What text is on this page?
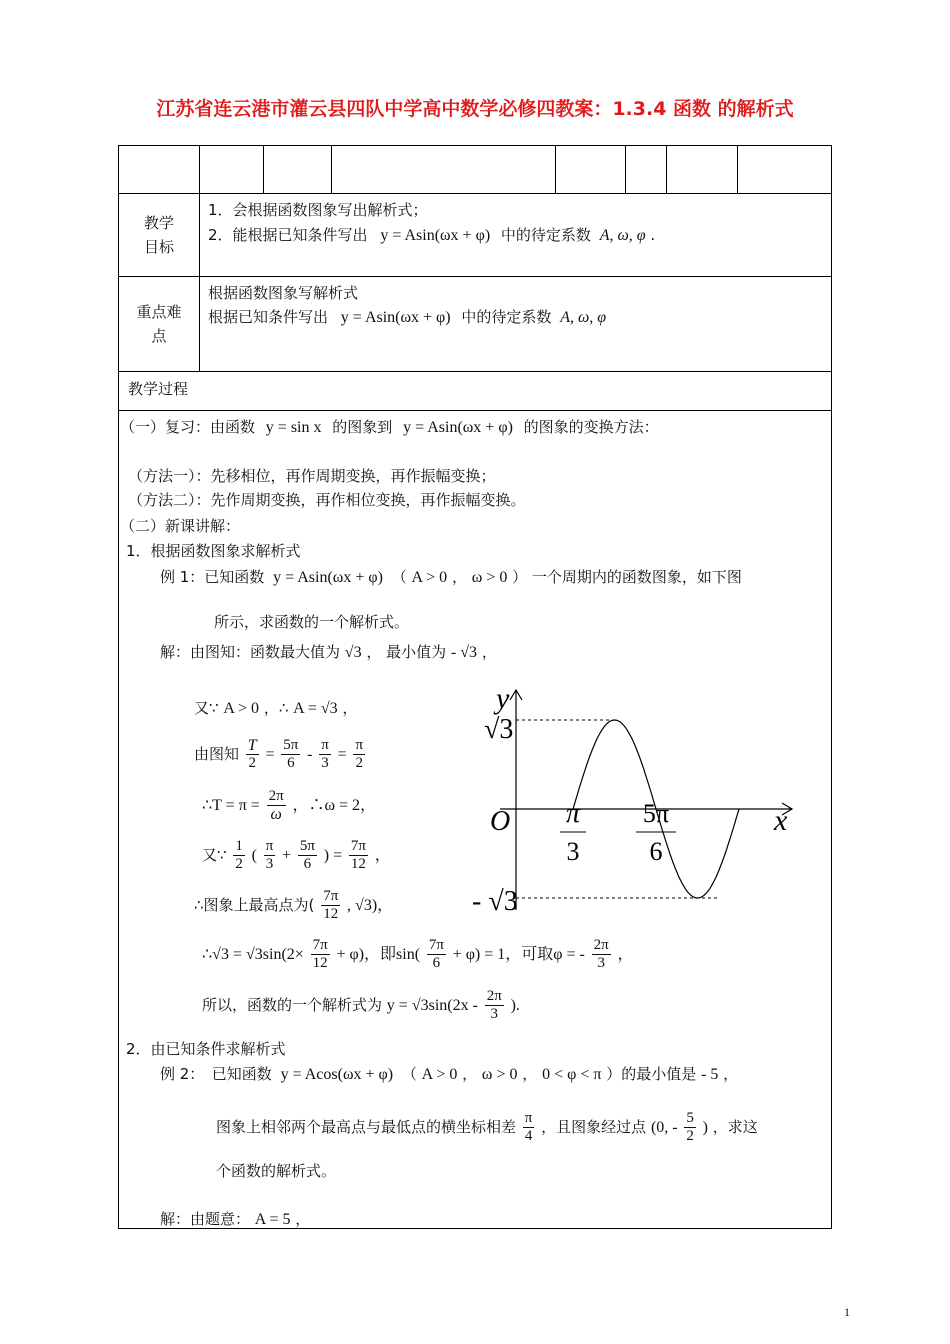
江苏省连云港市灌云县四队中学高中数学必修四教案：1.3.4 函数 的解析式
教学
目标
1．会根据函数图象写出解析式；
2．能根据已知条件写出 y = Asin(ωx + φ) 中的待定系数 A, ω, φ .
重点难
点
根据函数图象写解析式
根据已知条件写出 y = Asin(ωx + φ) 中的待定系数 A, ω, φ
教学过程
（一）复习：由函数 y = sin x 的图象到 y = Asin(ωx + φ) 的图象的变换方法：
（方法一）：先移相位，再作周期变换，再作振幅变换；
（方法二）：先作周期变换，再作相位变换，再作振幅变换。
（二）新课讲解：
1．根据函数图象求解析式
例 1：已知函数 y = Asin(ωx + φ) （ A > 0 ， ω > 0 ） 一个周期内的函数图象，如下图
所示，求函数的一个解析式。
解：由图知：函数最大值为 √3 ， 最小值为 - √3 ，
又∵ A > 0 ，∴ A = √3 ，
由图知 $\frac{T}{2} = \frac{5\pi}{6} - \frac{\pi}{3} = \frac{\pi}{2}$
∴T = $\pi = \frac{2\pi}{\omega}$ ，∴ω = 2，
又∵ $\frac{1}{2}$ ( $\frac{\pi}{3} + \frac{5\pi}{6}$ ) = $\frac{7\pi}{12}$ ，
∴图象上最高点为( $\frac{7\pi}{12}$ , √3)，
∴√3 = $√3\sin(2\times \frac{7\pi}{12} + \varphi)$，即$\sin( \frac{7\pi}{6} + \varphi) = 1$，可取φ = - $\frac{2\pi}{3}$ ，
所以，函数的一个解析式为 $y = √3\sin(2x - \frac{2\pi}{3}$ ).
y
x
O
√3
- √3
π
3
5π
6
2．由已知条件求解析式
例 2：　已知函数 y = Acos(ωx + φ) （ A > 0 ， ω > 0 ， 0 < φ < π ）的最小值是 - 5 ，
图象上相邻两个最高点与最低点的横坐标相差 $\frac{\pi}{4}$ ，且图象经过点 (0, - $\frac{5}{2}$ ) ，求这
个函数的解析式。
解：由题意： A = 5 ，
1
